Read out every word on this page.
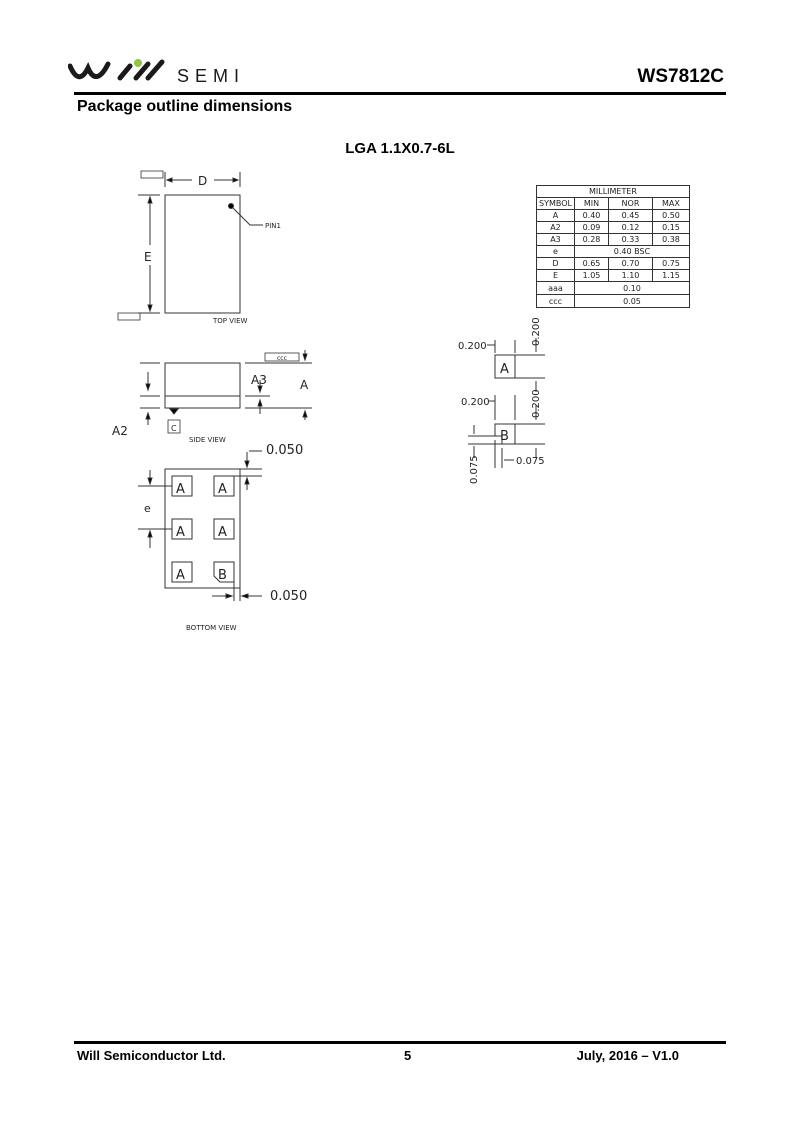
SEMI	WS7812C
Package outline dimensions
LGA 1.1X0.7-6L
PIN1
D
E
TOP VIEW
A2
A3	A
ccc
C
SIDE VIEW
A	A
A	A
A	B
e
0.050
0.050
BOTTOM VIEW
A
0.200
0.200
B
0.200	0.200
0.075	0.075
MILLIMETER			
SYMBOL	MIN	NOR	MAX
A	0.40	0.45	0.50
A2	0.09	0.12	0.15
A3	0.28	0.33	0.38
e	0.40 BSC		
D	0.65	0.70	0.75
E	1.05	1.10	1.15
aaa	0.10		
ccc	0.05		
Will Semiconductor Ltd.	5	July, 2016 – V1.0
